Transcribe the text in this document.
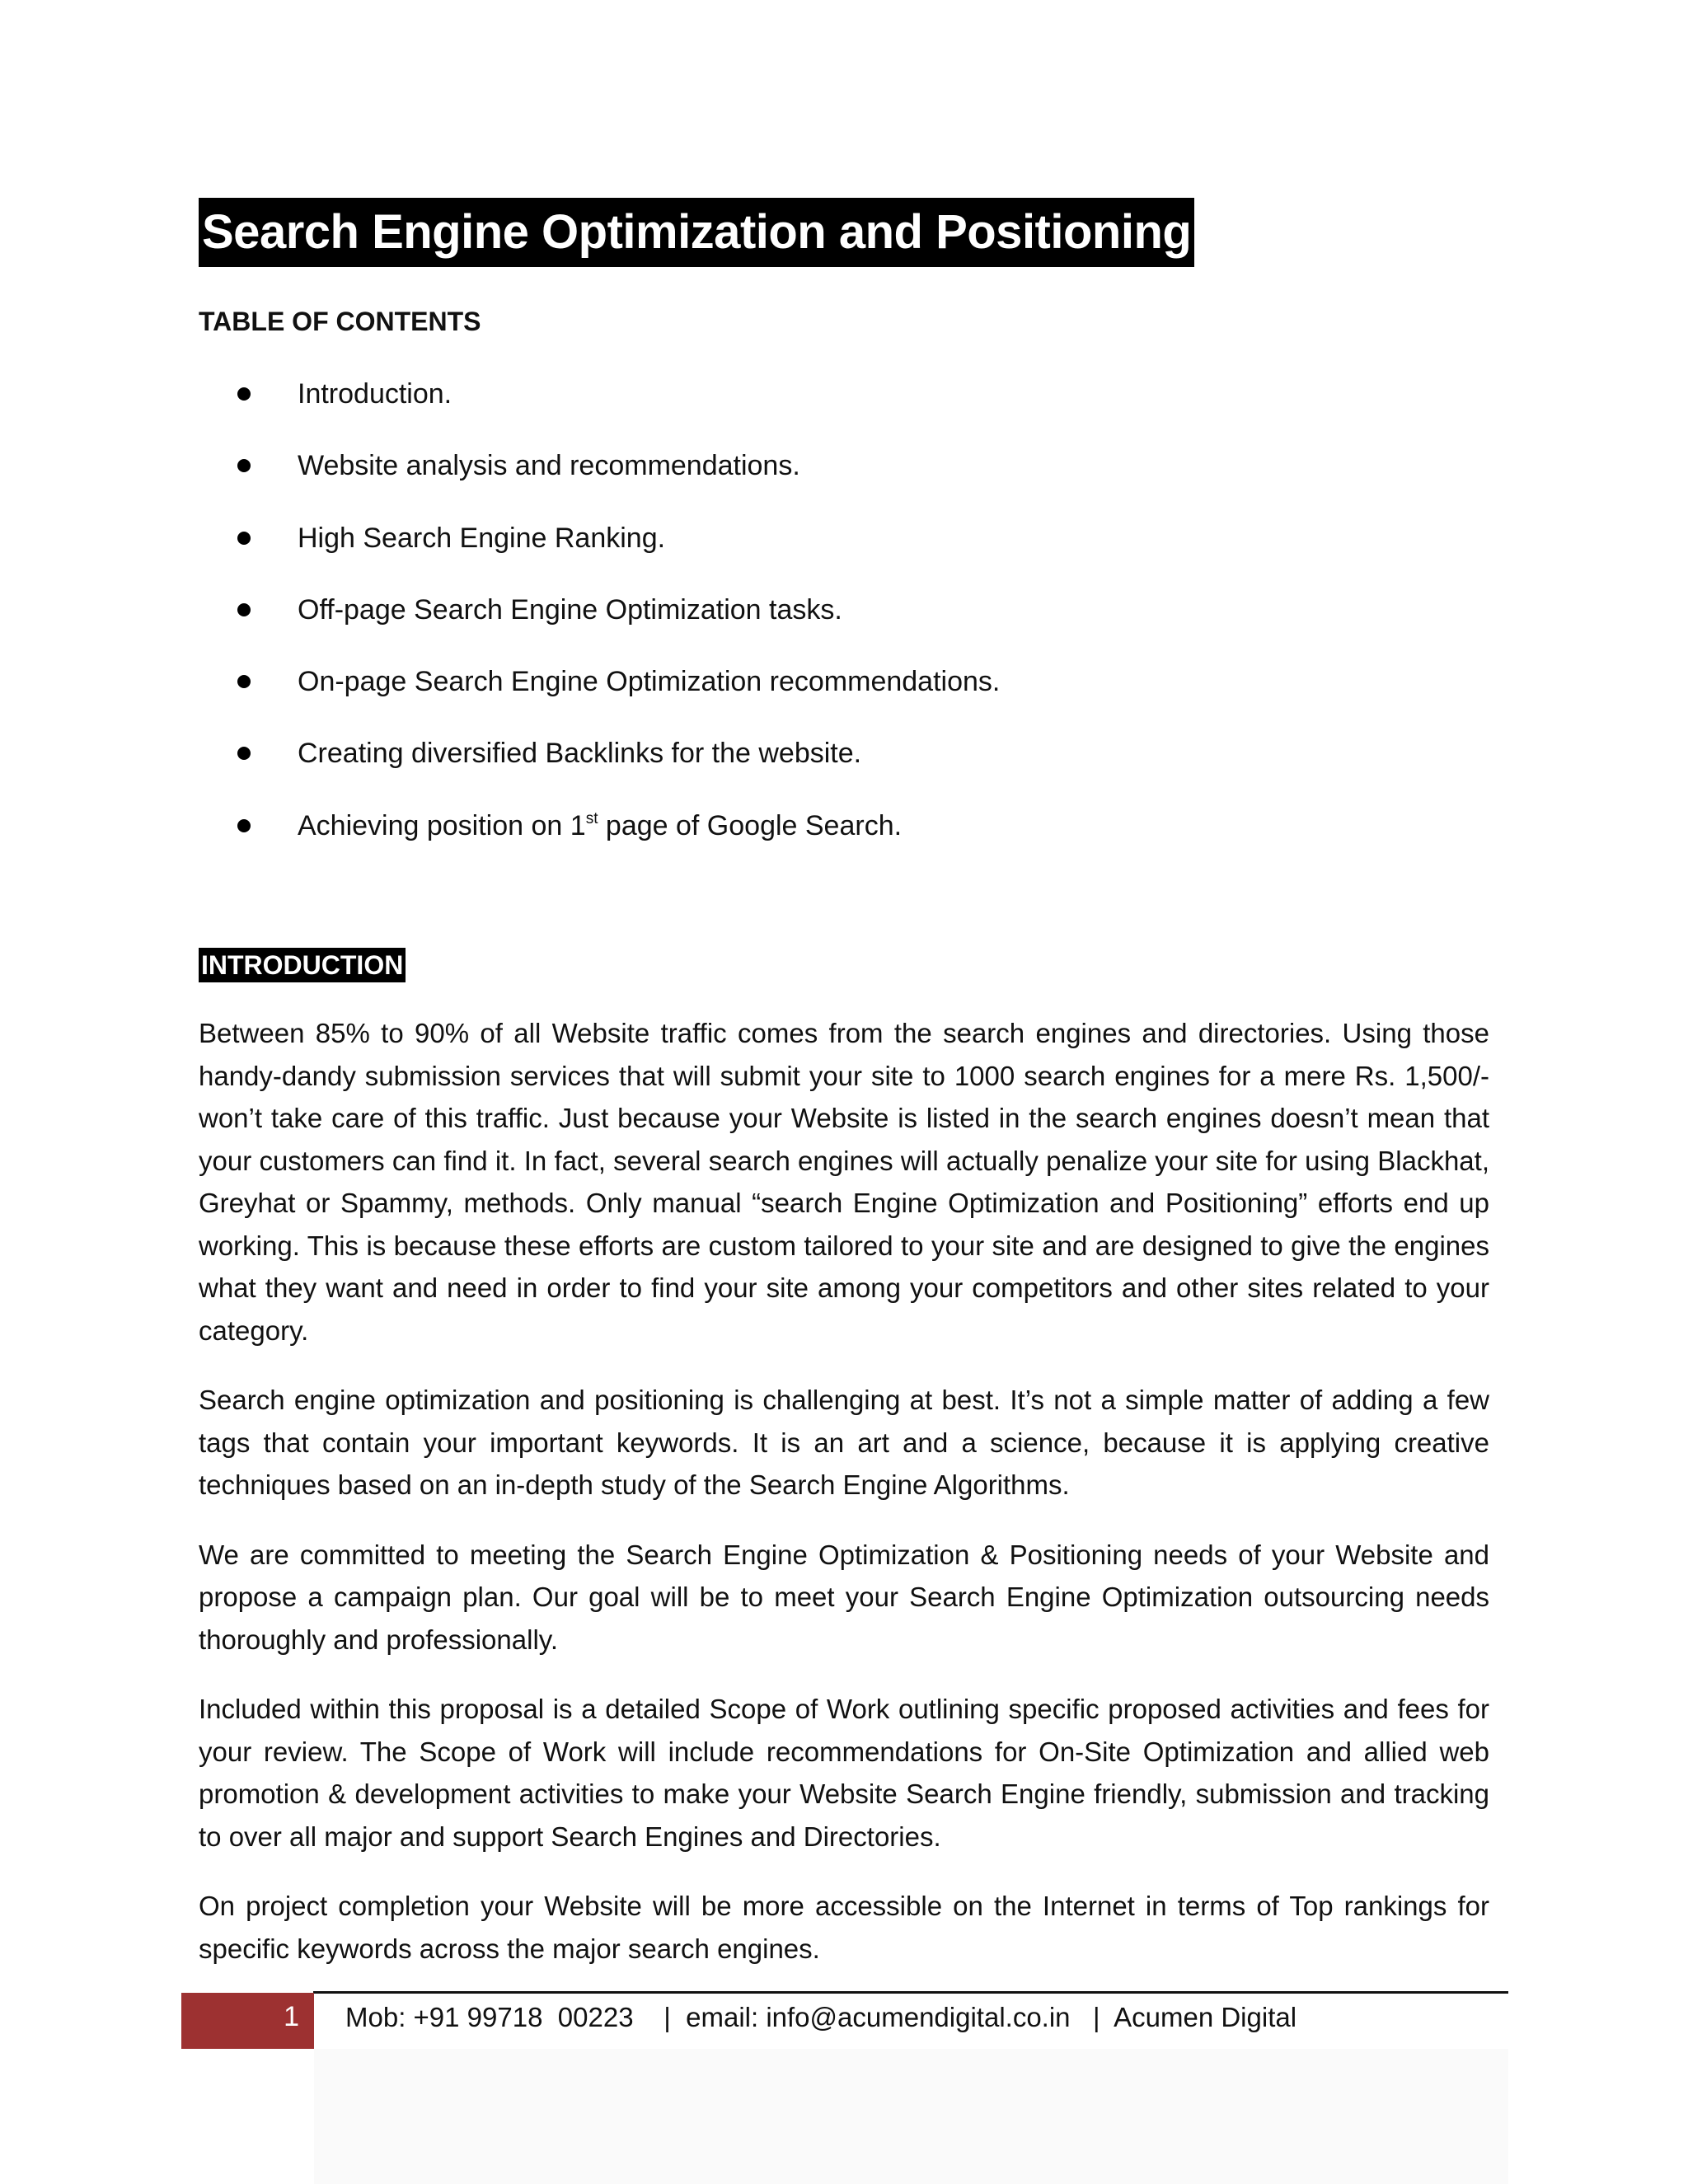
Search Engine Optimization and Positioning
TABLE OF CONTENTS
Introduction.
Website analysis and recommendations.
High Search Engine Ranking.
Off-page Search Engine Optimization tasks.
On-page Search Engine Optimization recommendations.
Creating diversified Backlinks for the website.
Achieving position on 1st page of Google Search.
INTRODUCTION

Between 85% to 90% of all Website traffic comes from the search engines and directories. Using those handy-dandy submission services that will submit your site to 1000 search engines for a mere Rs. 1,500/- won’t take care of this traffic. Just because your Website is listed in the search engines doesn’t mean that your customers can find it. In fact, several search engines will actually penalize your site for using Blackhat, Greyhat or Spammy, methods. Only manual “search Engine Optimization and Positioning” efforts end up working. This is because these efforts are custom tailored to your site and are designed to give the engines what they want and need in order to find your site among your competitors and other sites related to your category.

Search engine optimization and positioning is challenging at best. It’s not a simple matter of adding a few tags that contain your important keywords. It is an art and a science, because it is applying creative techniques based on an in-depth study of the Search Engine Algorithms.

We are committed to meeting the Search Engine Optimization & Positioning needs of your Website and propose a campaign plan. Our goal will be to meet your Search Engine Optimization outsourcing needs thoroughly and professionally.

Included within this proposal is a detailed Scope of Work outlining specific proposed activities and fees for your review. The Scope of Work will include recommendations for On-Site Optimization and allied web promotion & development activities to make your Website Search Engine friendly, submission and tracking to over all major and support Search Engines and Directories.

On project completion your Website will be more accessible on the Internet in terms of Top rankings for specific keywords across the major search engines.

1 Mob: +91 99718  00223    |  email: info@acumendigital.co.in   |  Acumen Digital
